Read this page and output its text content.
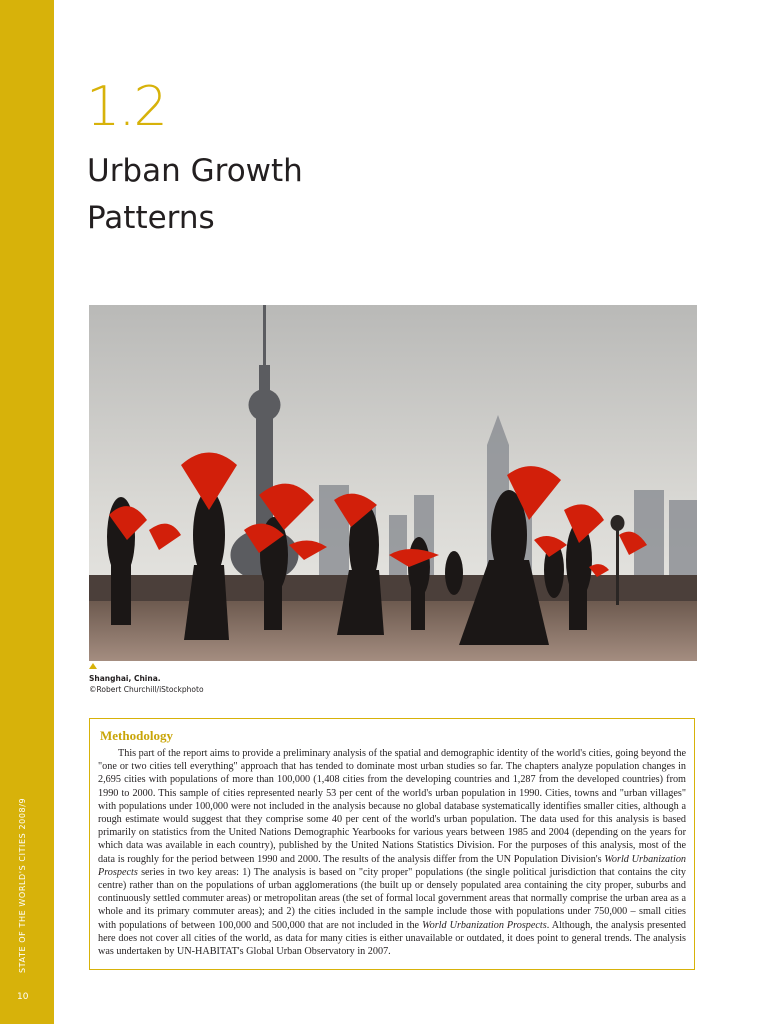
STATE OF THE WORLD'S CITIES 2008/9
10
1.2
Urban Growth Patterns
Shanghai, China.
©Robert Churchill/iStockphoto
Methodology

This part of the report aims to provide a preliminary analysis of the spatial and demographic identity of the world's cities, going beyond the "one or two cities tell everything" approach that has tended to dominate most urban studies so far. The chapters analyze population changes in 2,695 cities with populations of more than 100,000 (1,408 cities from the developing countries and 1,287 from the developed countries) from 1990 to 2000. This sample of cities represented nearly 53 per cent of the world's urban population in 1990. Cities, towns and "urban villages" with populations under 100,000 were not included in the analysis because no global database systematically identifies smaller cities, although a rough estimate would suggest that they comprise some 40 per cent of the world's urban population. The data used for this analysis is based primarily on statistics from the United Nations Demographic Yearbooks for various years between 1985 and 2004 (depending on the years for which data was available in each country), published by the United Nations Statistics Division. For the purposes of this analysis, most of the data is roughly for the period between 1990 and 2000. The results of the analysis differ from the UN Population Division's World Urbanization Prospects series in two key areas: 1) The analysis is based on "city proper" populations (the single political jurisdiction that contains the city centre) rather than on the populations of urban agglomerations (the built up or densely populated area containing the city proper, suburbs and continuously settled commuter areas) or metropolitan areas (the set of formal local government areas that normally comprise the urban area as a whole and its primary commuter areas); and 2) the cities included in the sample include those with populations under 750,000 – small cities with populations of between 100,000 and 500,000 that are not included in the World Urbanization Prospects. Although, the analysis presented here does not cover all cities of the world, as data for many cities is either unavailable or outdated, it does point to general trends. The analysis was undertaken by UN-HABITAT's Global Urban Observatory in 2007.
